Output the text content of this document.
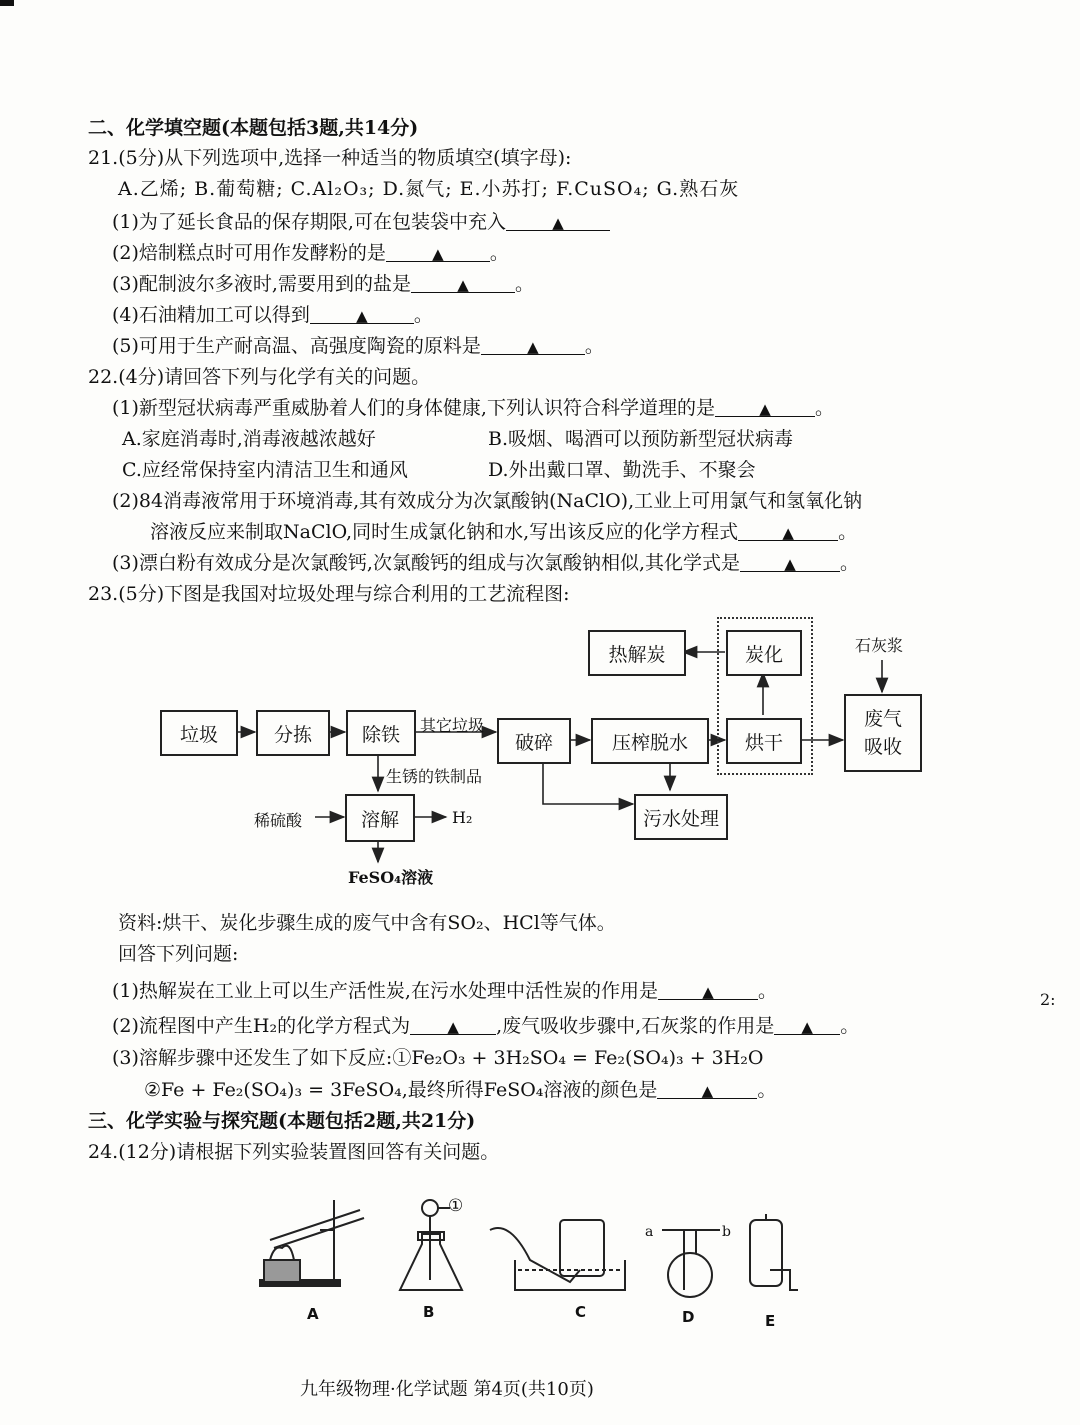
二、化学填空题(本题包括3题,共14分)
21.(5分)从下列选项中,选择一种适当的物质填空(填字母):
A.乙烯; B.葡萄糖; C.Al₂O₃; D.氮气; E.小苏打; F.CuSO₄; G.熟石灰
(1)为了延长食品的保存期限,可在包装袋中充入	▲
(2)焙制糕点时可用作发酵粉的是	▲ 。
(3)配制波尔多液时,需要用到的盐是	▲ 。
(4)石油精加工可以得到	▲ 。
(5)可用于生产耐高温、高强度陶瓷的原料是	▲ 。
22.(4分)请回答下列与化学有关的问题。
(1)新型冠状病毒严重威胁着人们的身体健康,下列认识符合科学道理的是	▲ 。
A.家庭消毒时,消毒液越浓越好	B.吸烟、喝酒可以预防新型冠状病毒
C.应经常保持室内清洁卫生和通风	D.外出戴口罩、勤洗手、不聚会
(2)84消毒液常用于环境消毒,其有效成分为次氯酸钠(NaClO),工业上可用氯气和氢氧化钠
溶液反应来制取NaClO,同时生成氯化钠和水,写出该反应的化学方程式	▲ 。
(3)漂白粉有效成分是次氯酸钙,次氯酸钙的组成与次氯酸钠相似,其化学式是	▲ 。
23.(5分)下图是我国对垃圾处理与综合利用的工艺流程图:
垃圾	分拣	除铁	其它垃圾
破碎	压榨脱水	烘干
炭化
热解炭	石灰浆
废气
吸收
生锈的铁制品
稀硫酸	溶解	H₂
FeSO₄溶液
污水处理
资料:烘干、炭化步骤生成的废气中含有SO₂、HCl等气体。
回答下列问题:
(1)热解炭在工业上可以生产活性炭,在污水处理中活性炭的作用是	▲ 。
(2)流程图中产生H₂的化学方程式为 ▲ ,废气吸收步骤中,石灰浆的作用是 ▲ 。
(3)溶解步骤中还发生了如下反应:①Fe₂O₃ + 3H₂SO₄ = Fe₂(SO₄)₃ + 3H₂O
②Fe + Fe₂(SO₄)₃ = 3FeSO₄,最终所得FeSO₄溶液的颜色是	▲ 。
三、化学实验与探究题(本题包括2题,共21分)
24.(12分)请根据下列实验装置图回答有关问题。
①
a	b
A	B	C	D	E
九年级物理·化学试题 第4页(共10页)
2:
